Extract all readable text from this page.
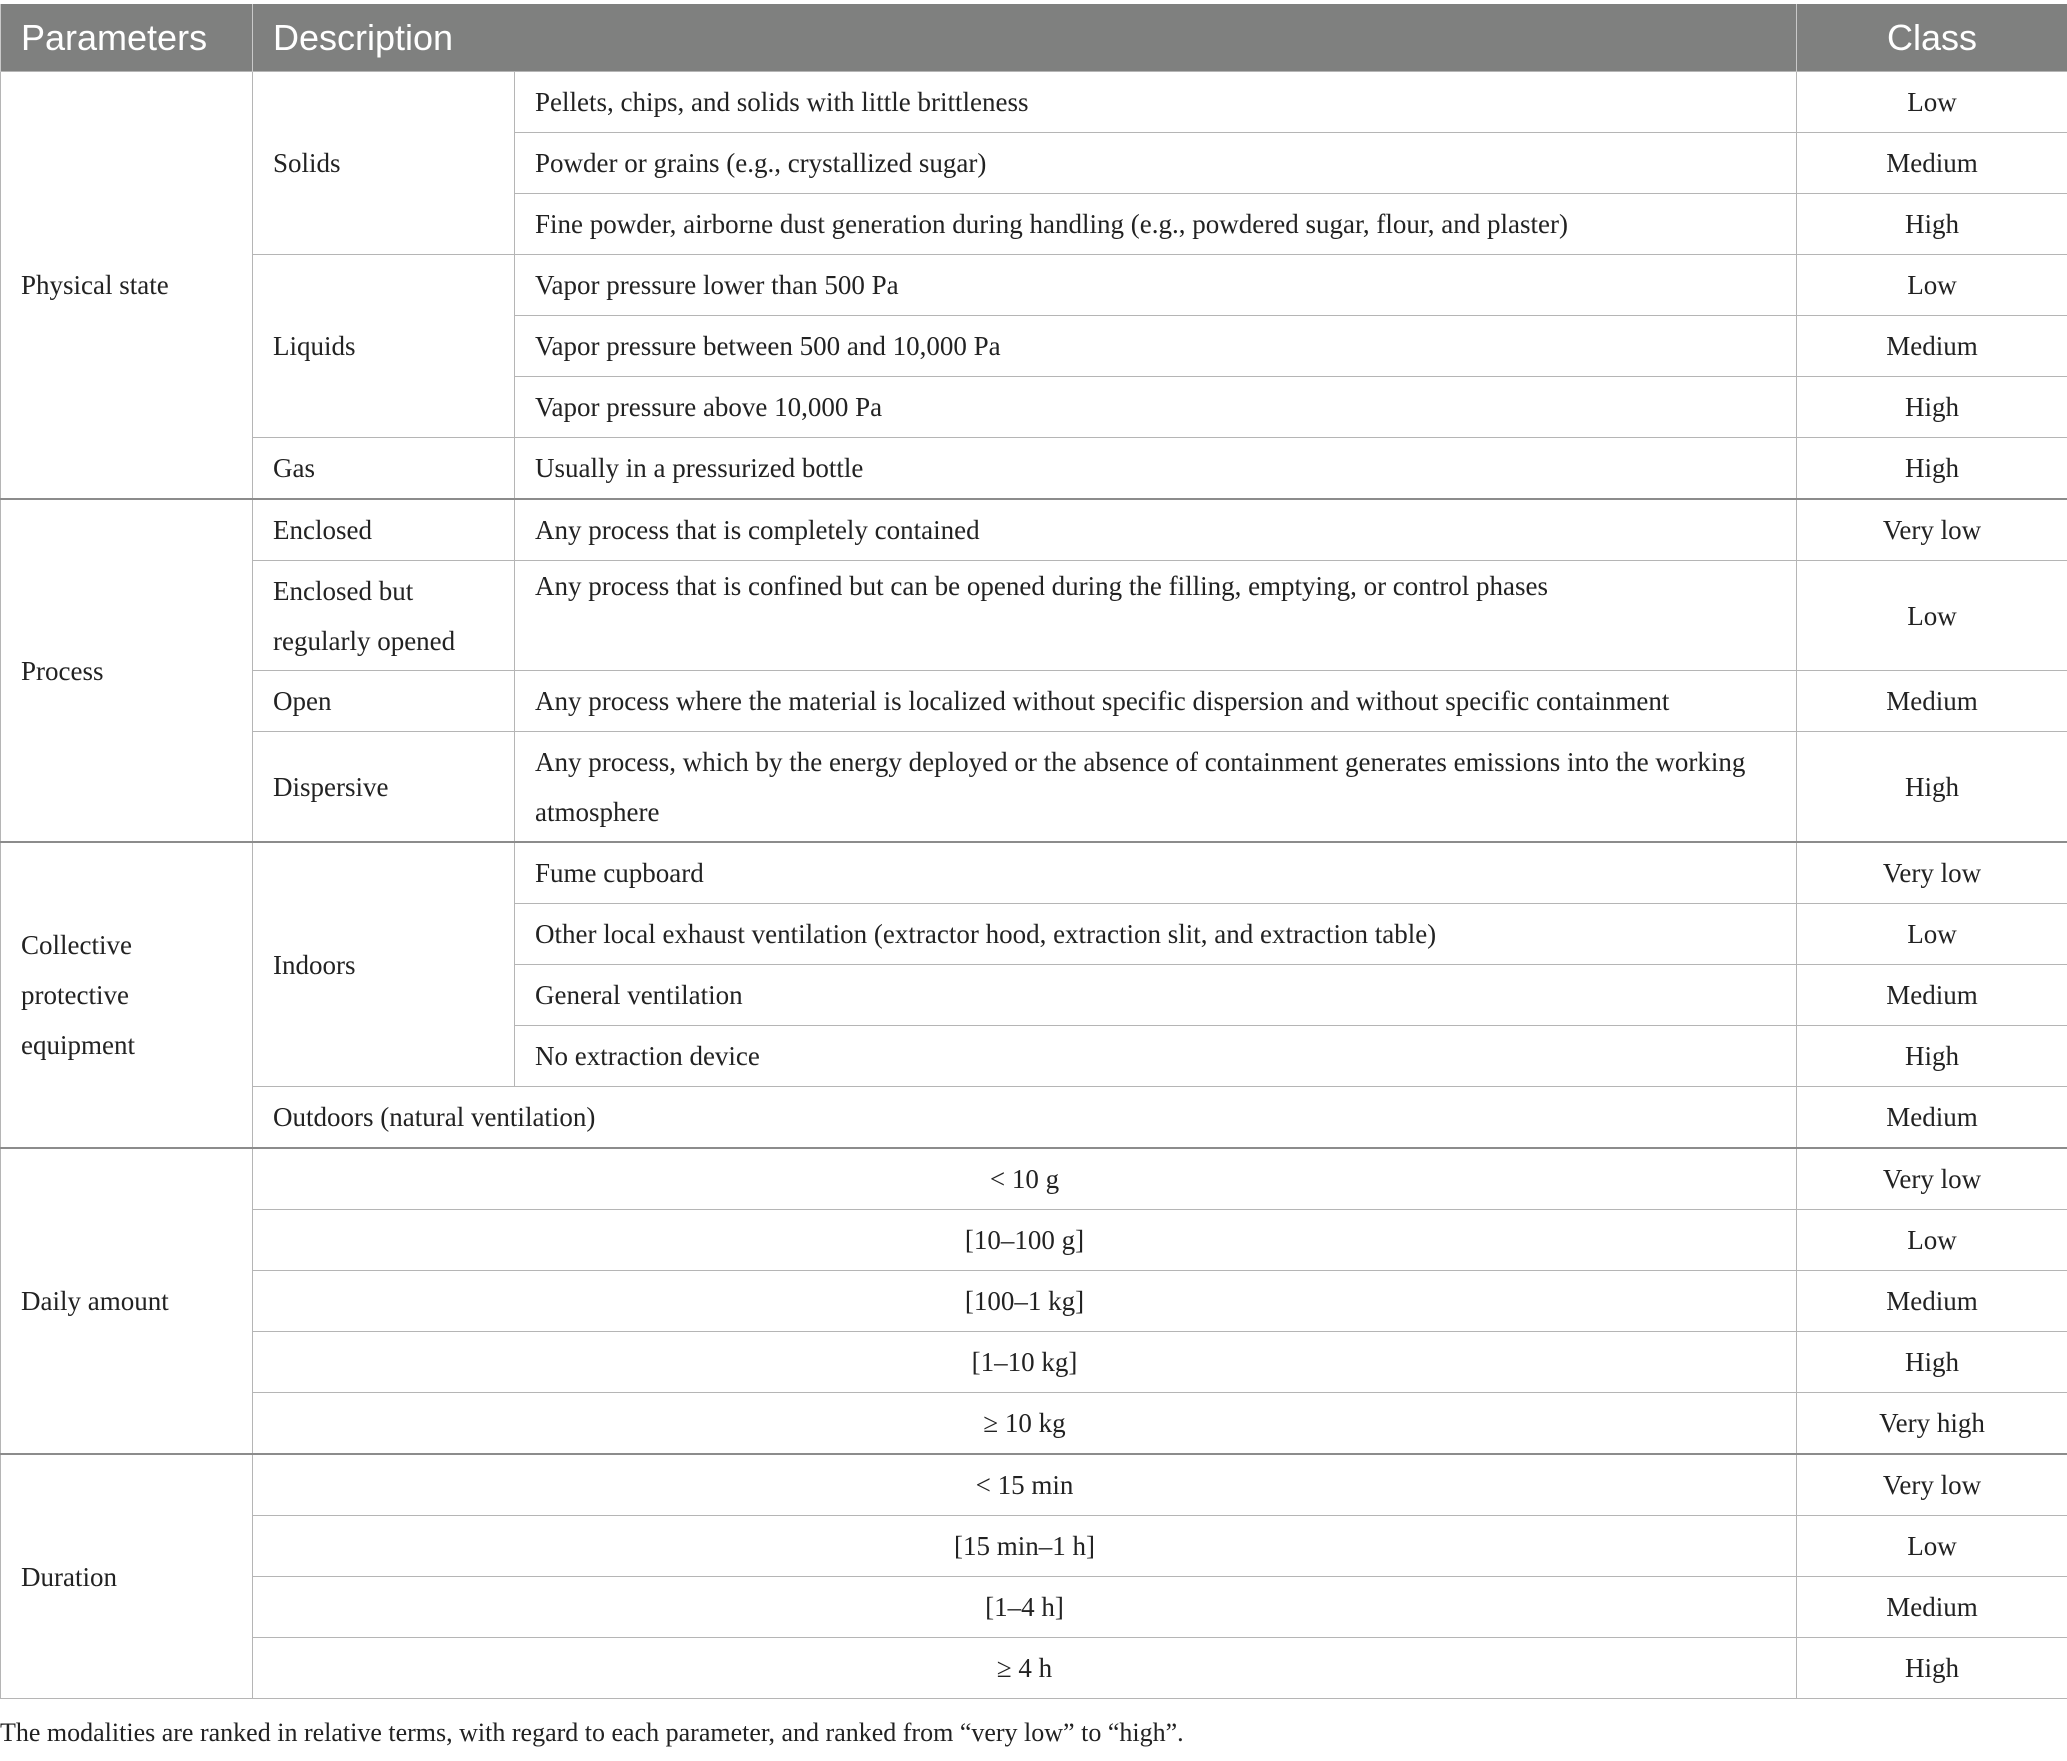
Parameters	Description		Class
Physical state	Solids	Pellets, chips, and solids with little brittleness	Low
		Powder or grains (e.g., crystallized sugar)	Medium
		Fine powder, airborne dust generation during handling (e.g., powdered sugar, flour, and plaster)	High
	Liquids	Vapor pressure lower than 500 Pa	Low
		Vapor pressure between 500 and 10,000 Pa	Medium
		Vapor pressure above 10,000 Pa	High
	Gas	Usually in a pressurized bottle	High
Process	Enclosed	Any process that is completely contained	Very low
	Enclosed but regularly opened	Any process that is confined but can be opened during the filling, emptying, or control phases	Low
	Open	Any process where the material is localized without specific dispersion and without specific containment	Medium
	Dispersive	Any process, which by the energy deployed or the absence of containment generates emissions into the working atmosphere	High
Collective protective equipment	Indoors	Fume cupboard	Very low
		Other local exhaust ventilation (extractor hood, extraction slit, and extraction table)	Low
		General ventilation	Medium
		No extraction device	High
	Outdoors (natural ventilation)		Medium
Daily amount	< 10 g		Very low
	[10–100 g]		Low
	[100–1 kg]		Medium
	[1–10 kg]		High
	≥ 10 kg		Very high
Duration	< 15 min		Very low
	[15 min–1 h]		Low
	[1–4 h]		Medium
	≥ 4 h		High
The modalities are ranked in relative terms, with regard to each parameter, and ranked from “very low” to “high”.
